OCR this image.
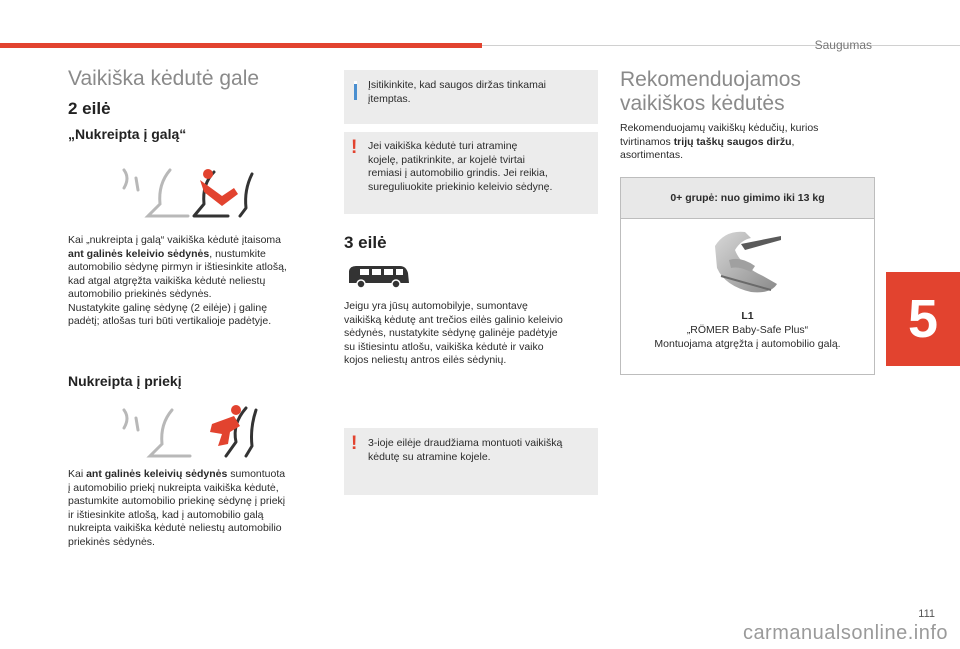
Saugumas
5
Vaikiška kėdutė gale
2 eilė
„Nukreipta į galą“
Kai „nukreipta į galą“ vaikiška kėdutė įtaisoma
ant galinės keleivio sėdynės, nustumkite
automobilio sėdynę pirmyn ir ištiesinkite atlošą,
kad atgal atgręžta vaikiška kėdutė neliestų
automobilio priekinės sėdynės.
Nustatykite galinę sėdynę (2 eilėje) į galinę
padėtį; atlošas turi būti vertikalioje padėtyje.
Nukreipta į priekį
Kai ant galinės keleivių sėdynės sumontuota
į automobilio priekį nukreipta vaikiška kėdutė,
pastumkite automobilio priekinę sėdynę į priekį
ir ištiesinkite atlošą, kad į automobilio galą
nukreipta vaikiška kėdutė neliestų automobilio
priekinės sėdynės.
Įsitikinkite, kad saugos diržas tinkamai
įtemptas.
! Jei vaikiška kėdutė turi atraminę
kojelę, patikrinkite, ar kojelė tvirtai
remiasi į automobilio grindis. Jei reikia,
sureguliuokite priekinio keleivio sėdynę.
3 eilė
Jeigu yra jūsų automobilyje, sumontavę
vaikišką kėdutę ant trečios eilės galinio keleivio
sėdynės, nustatykite sėdynę galinėje padėtyje
su ištiesintu atlošu, vaikiška kėdutė ir vaiko
kojos neliestų antros eilės sėdynių.
! 3-ioje eilėje draudžiama montuoti vaikišką
kėdutę su atramine kojele.
Rekomenduojamos
vaikiškos kėdutės
Rekomenduojamų vaikiškų kėdučių, kurios
tvirtinamos trijų taškų saugos diržu,
asortimentas.
0+ grupė: nuo gimimo iki 13 kg
L1
„RÖMER Baby-Safe Plus“
Montuojama atgręžta į automobilio galą.
111
carmanualsonline.info
